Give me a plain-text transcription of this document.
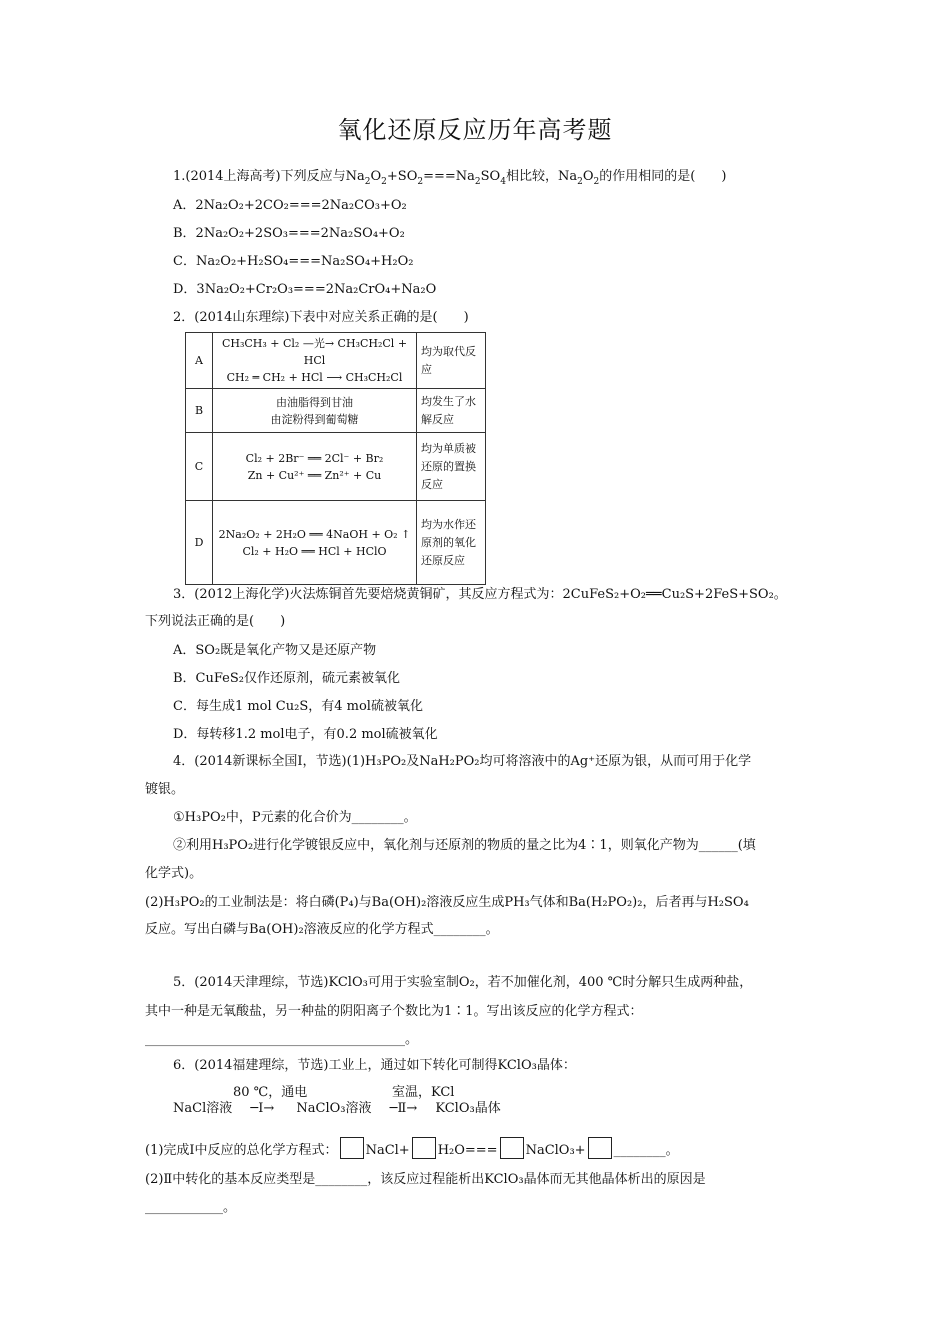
氧化还原反应历年高考题
1.(2014上海高考)下列反应与$Na_2O_2+SO_2===Na_2SO_4$相比较，$Na_2O_2$的作用相同的是(　　)
A．2Na₂O₂+2CO₂===2Na₂CO₃+O₂
B．2Na₂O₂+2SO₃===2Na₂SO₄+O₂
C．Na₂O₂+H₂SO₄===Na₂SO₄+H₂O₂
D．3Na₂O₂+Cr₂O₃===2Na₂CrO₄+Na₂O
2．(2014山东理综)下表中对应关系正确的是(　　)
A	CH₃CH₃ + Cl₂ —光→ CH₃CH₂Cl + HCl
CH₂ ═ CH₂ + HCl ⟶ CH₃CH₂Cl	均为取代反应
B	由油脂得到甘油
由淀粉得到葡萄糖	均发生了水解反应
C	Cl₂ + 2Br⁻ ══ 2Cl⁻ + Br₂
Zn + Cu²⁺ ══ Zn²⁺ + Cu	均为单质被还原的置换反应
D	2Na₂O₂ + 2H₂O ══ 4NaOH + O₂ ↑
Cl₂ + H₂O ══ HCl + HClO	均为水作还原剂的氧化还原反应
3．(2012上海化学)火法炼铜首先要焙烧黄铜矿，其反应方程式为：2CuFeS₂+O₂══Cu₂S+2FeS+SO₂。
下列说法正确的是(　　)
A．SO₂既是氧化产物又是还原产物
B．CuFeS₂仅作还原剂，硫元素被氧化
C．每生成1 mol Cu₂S，有4 mol硫被氧化
D．每转移1.2 mol电子，有0.2 mol硫被氧化
4．(2014新课标全国Ⅰ，节选)(1)H₃PO₂及NaH₂PO₂均可将溶液中的Ag⁺还原为银，从而可用于化学
镀银。
①H₃PO₂中，P元素的化合价为________。
②利用H₃PO₂进行化学镀银反应中，氧化剂与还原剂的物质的量之比为4∶1，则氧化产物为______(填
化学式)。
(2)H₃PO₂的工业制法是：将白磷(P₄)与Ba(OH)₂溶液反应生成PH₃气体和Ba(H₂PO₂)₂，后者再与H₂SO₄
反应。写出白磷与Ba(OH)₂溶液反应的化学方程式________。
5．(2014天津理综，节选)KClO₃可用于实验室制O₂，若不加催化剂，400 ℃时分解只生成两种盐，
其中一种是无氧酸盐，另一种盐的阴阳离子个数比为1∶1。写出该反应的化学方程式：
________________________________________。
6．(2014福建理综，节选)工业上，通过如下转化可制得KClO₃晶体：
80 ℃，通电	室温，KCl
NaCl溶液 ─Ⅰ→ NaClO₃溶液 ─Ⅱ→ KClO₃晶体
(1)完成Ⅰ中反应的总化学方程式： NaCl+ H₂O=== NaClO₃+ ________。
(2)Ⅱ中转化的基本反应类型是________，该反应过程能析出KClO₃晶体而无其他晶体析出的原因是
____________。
